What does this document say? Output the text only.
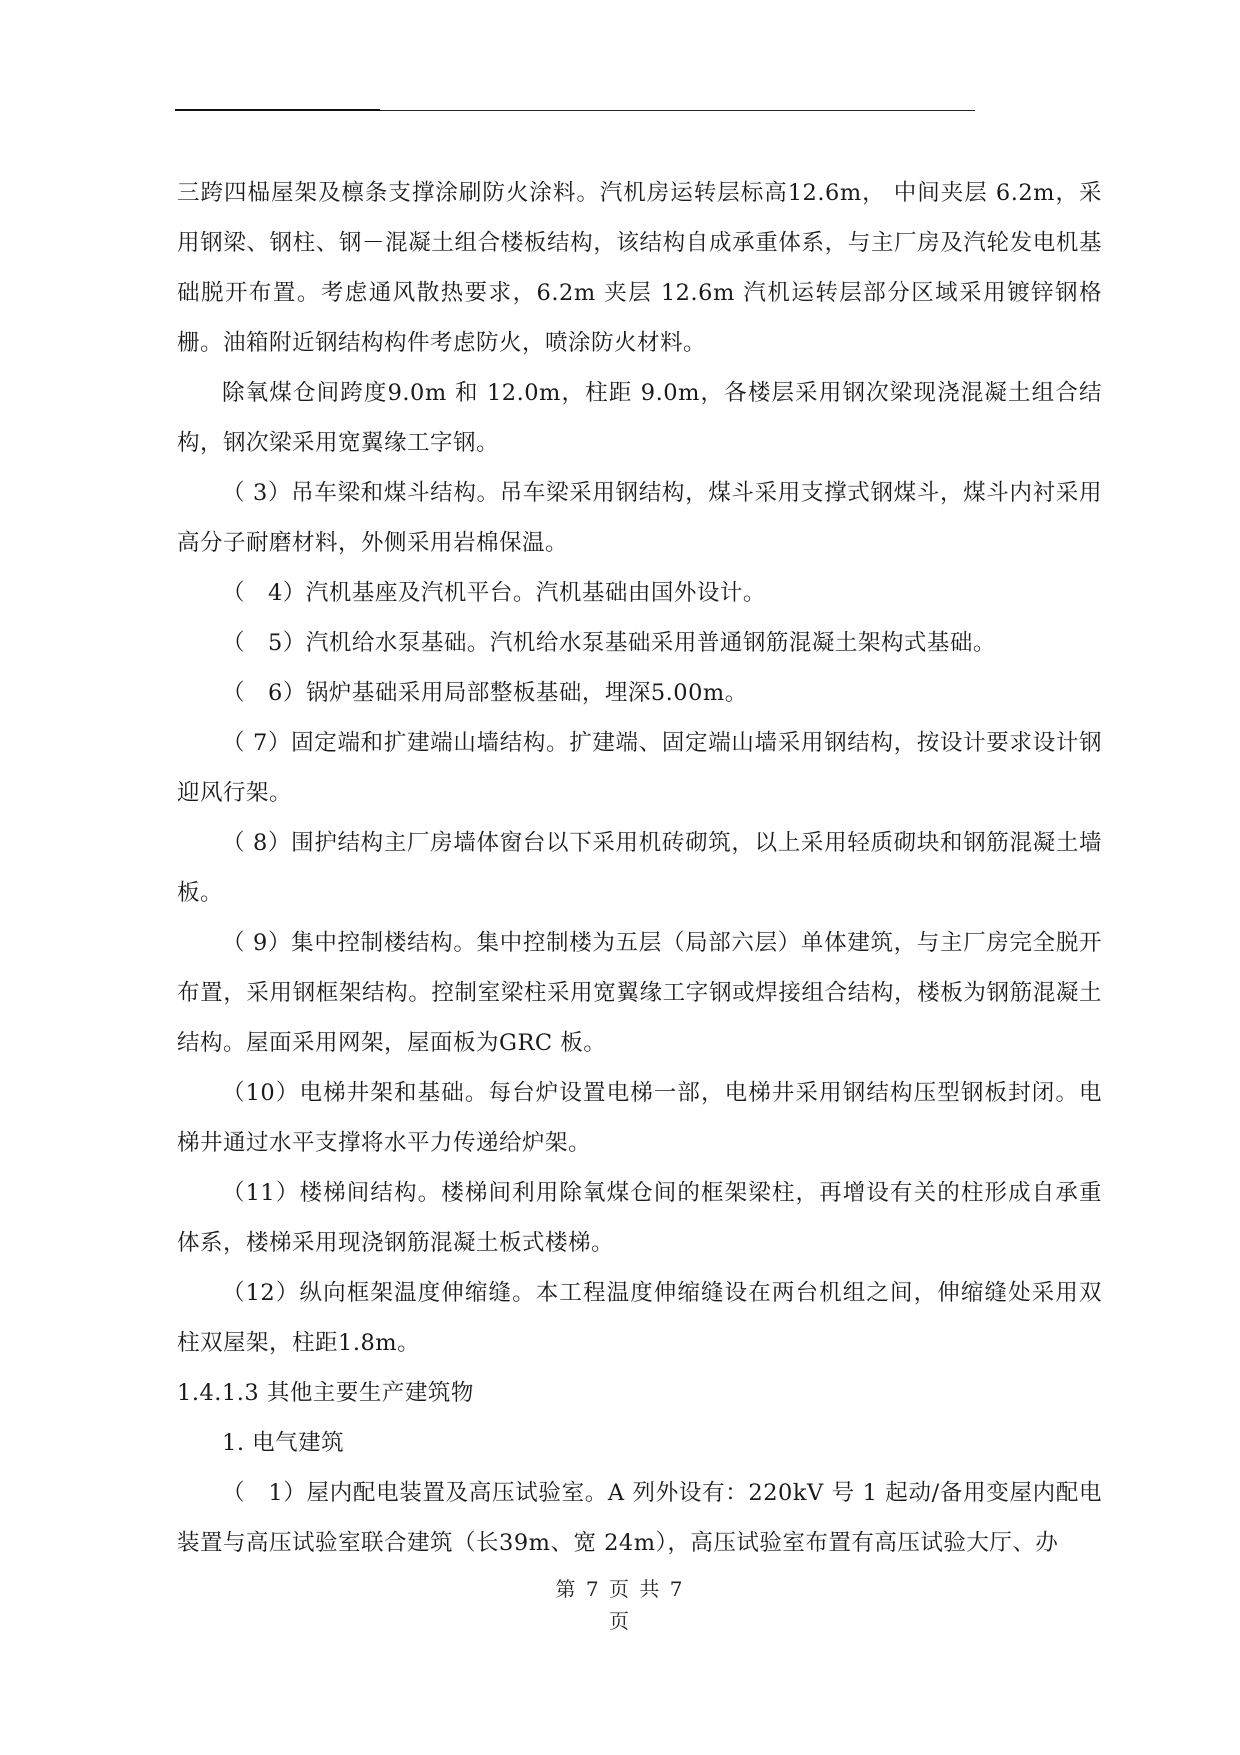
三跨四榀屋架及檩条支撑涂刷防火涂料。汽机房运转层标高12.6m， 中间夹层 6.2m，采用钢梁、钢柱、钢－混凝土组合楼板结构，该结构自成承重体系，与主厂房及汽轮发电机基础脱开布置。考虑通风散热要求，6.2m 夹层 12.6m 汽机运转层部分区域采用镀锌钢格栅。油箱附近钢结构构件考虑防火，喷涂防火材料。

除氧煤仓间跨度9.0m 和 12.0m，柱距 9.0m，各楼层采用钢次梁现浇混凝土组合结构，钢次梁采用宽翼缘工字钢。

（ 3）吊车梁和煤斗结构。吊车梁采用钢结构，煤斗采用支撑式钢煤斗，煤斗内衬采用高分子耐磨材料，外侧采用岩棉保温。

（　4）汽机基座及汽机平台。汽机基础由国外设计。

（　5）汽机给水泵基础。汽机给水泵基础采用普通钢筋混凝土架构式基础。

（　6）锅炉基础采用局部整板基础，埋深5.00m。

（ 7）固定端和扩建端山墙结构。扩建端、固定端山墙采用钢结构，按设计要求设计钢迎风行架。

（ 8）围护结构主厂房墙体窗台以下采用机砖砌筑，以上采用轻质砌块和钢筋混凝土墙板。

（ 9）集中控制楼结构。集中控制楼为五层（局部六层）单体建筑，与主厂房完全脱开布置，采用钢框架结构。控制室梁柱采用宽翼缘工字钢或焊接组合结构，楼板为钢筋混凝土结构。屋面采用网架，屋面板为GRC 板。

（10）电梯井架和基础。每台炉设置电梯一部，电梯井采用钢结构压型钢板封闭。电梯井通过水平支撑将水平力传递给炉架。

（11）楼梯间结构。楼梯间利用除氧煤仓间的框架梁柱，再增设有关的柱形成自承重体系，楼梯采用现浇钢筋混凝土板式楼梯。

（12）纵向框架温度伸缩缝。本工程温度伸缩缝设在两台机组之间，伸缩缝处采用双柱双屋架，柱距1.8m。

1.4.1.3 其他主要生产建筑物

1. 电气建筑

（　1）屋内配电装置及高压试验室。A 列外设有：220kV 号 1 起动/备用变屋内配电装置与高压试验室联合建筑（长39m、宽 24m），高压试验室布置有高压试验大厅、办

第 7 页 共 7
页
